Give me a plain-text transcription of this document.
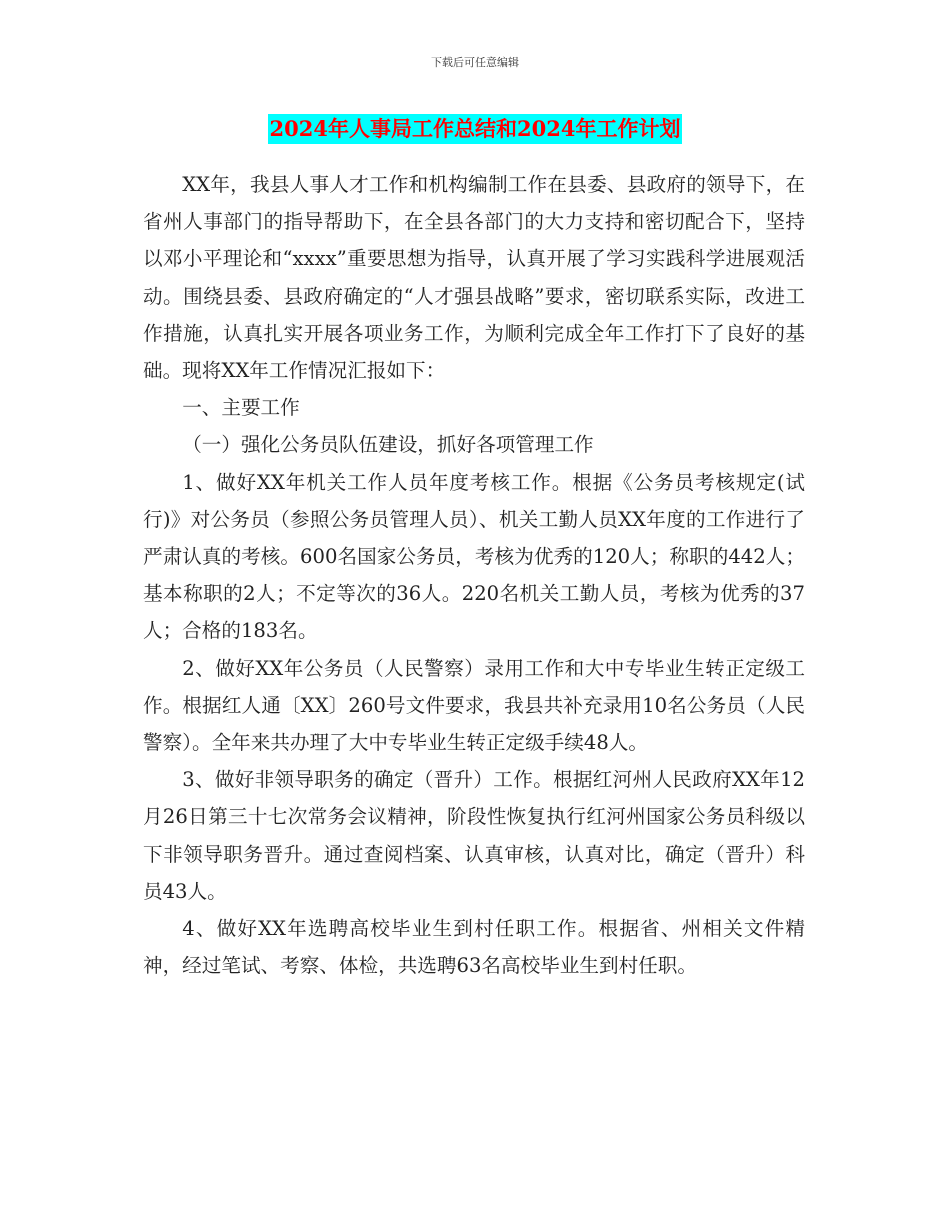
下载后可任意编辑
2024年人事局工作总结和2024年工作计划

XX年，我县人事人才工作和机构编制工作在县委、县政府的领导下，在省州人事部门的指导帮助下，在全县各部门的大力支持和密切配合下，坚持以邓小平理论和“xxxx”重要思想为指导，认真开展了学习实践科学进展观活动。围绕县委、县政府确定的“人才强县战略”要求，密切联系实际，改进工作措施，认真扎实开展各项业务工作，为顺利完成全年工作打下了良好的基础。现将XX年工作情况汇报如下：

一、主要工作

（一）强化公务员队伍建设，抓好各项管理工作

1、做好XX年机关工作人员年度考核工作。根据《公务员考核规定(试行)》对公务员（参照公务员管理人员）、机关工勤人员XX年度的工作进行了严肃认真的考核。600名国家公务员，考核为优秀的120人；称职的442人；基本称职的2人；不定等次的36人。220名机关工勤人员，考核为优秀的37人；合格的183名。

2、做好XX年公务员（人民警察）录用工作和大中专毕业生转正定级工作。根据红人通〔XX〕260号文件要求，我县共补充录用10名公务员（人民警察）。全年来共办理了大中专毕业生转正定级手续48人。

3、做好非领导职务的确定（晋升）工作。根据红河州人民政府XX年12月26日第三十七次常务会议精神，阶段性恢复执行红河州国家公务员科级以下非领导职务晋升。通过查阅档案、认真审核，认真对比，确定（晋升）科员43人。

4、做好XX年选聘高校毕业生到村任职工作。根据省、州相关文件精神，经过笔试、考察、体检，共选聘63名高校毕业生到村任职。
